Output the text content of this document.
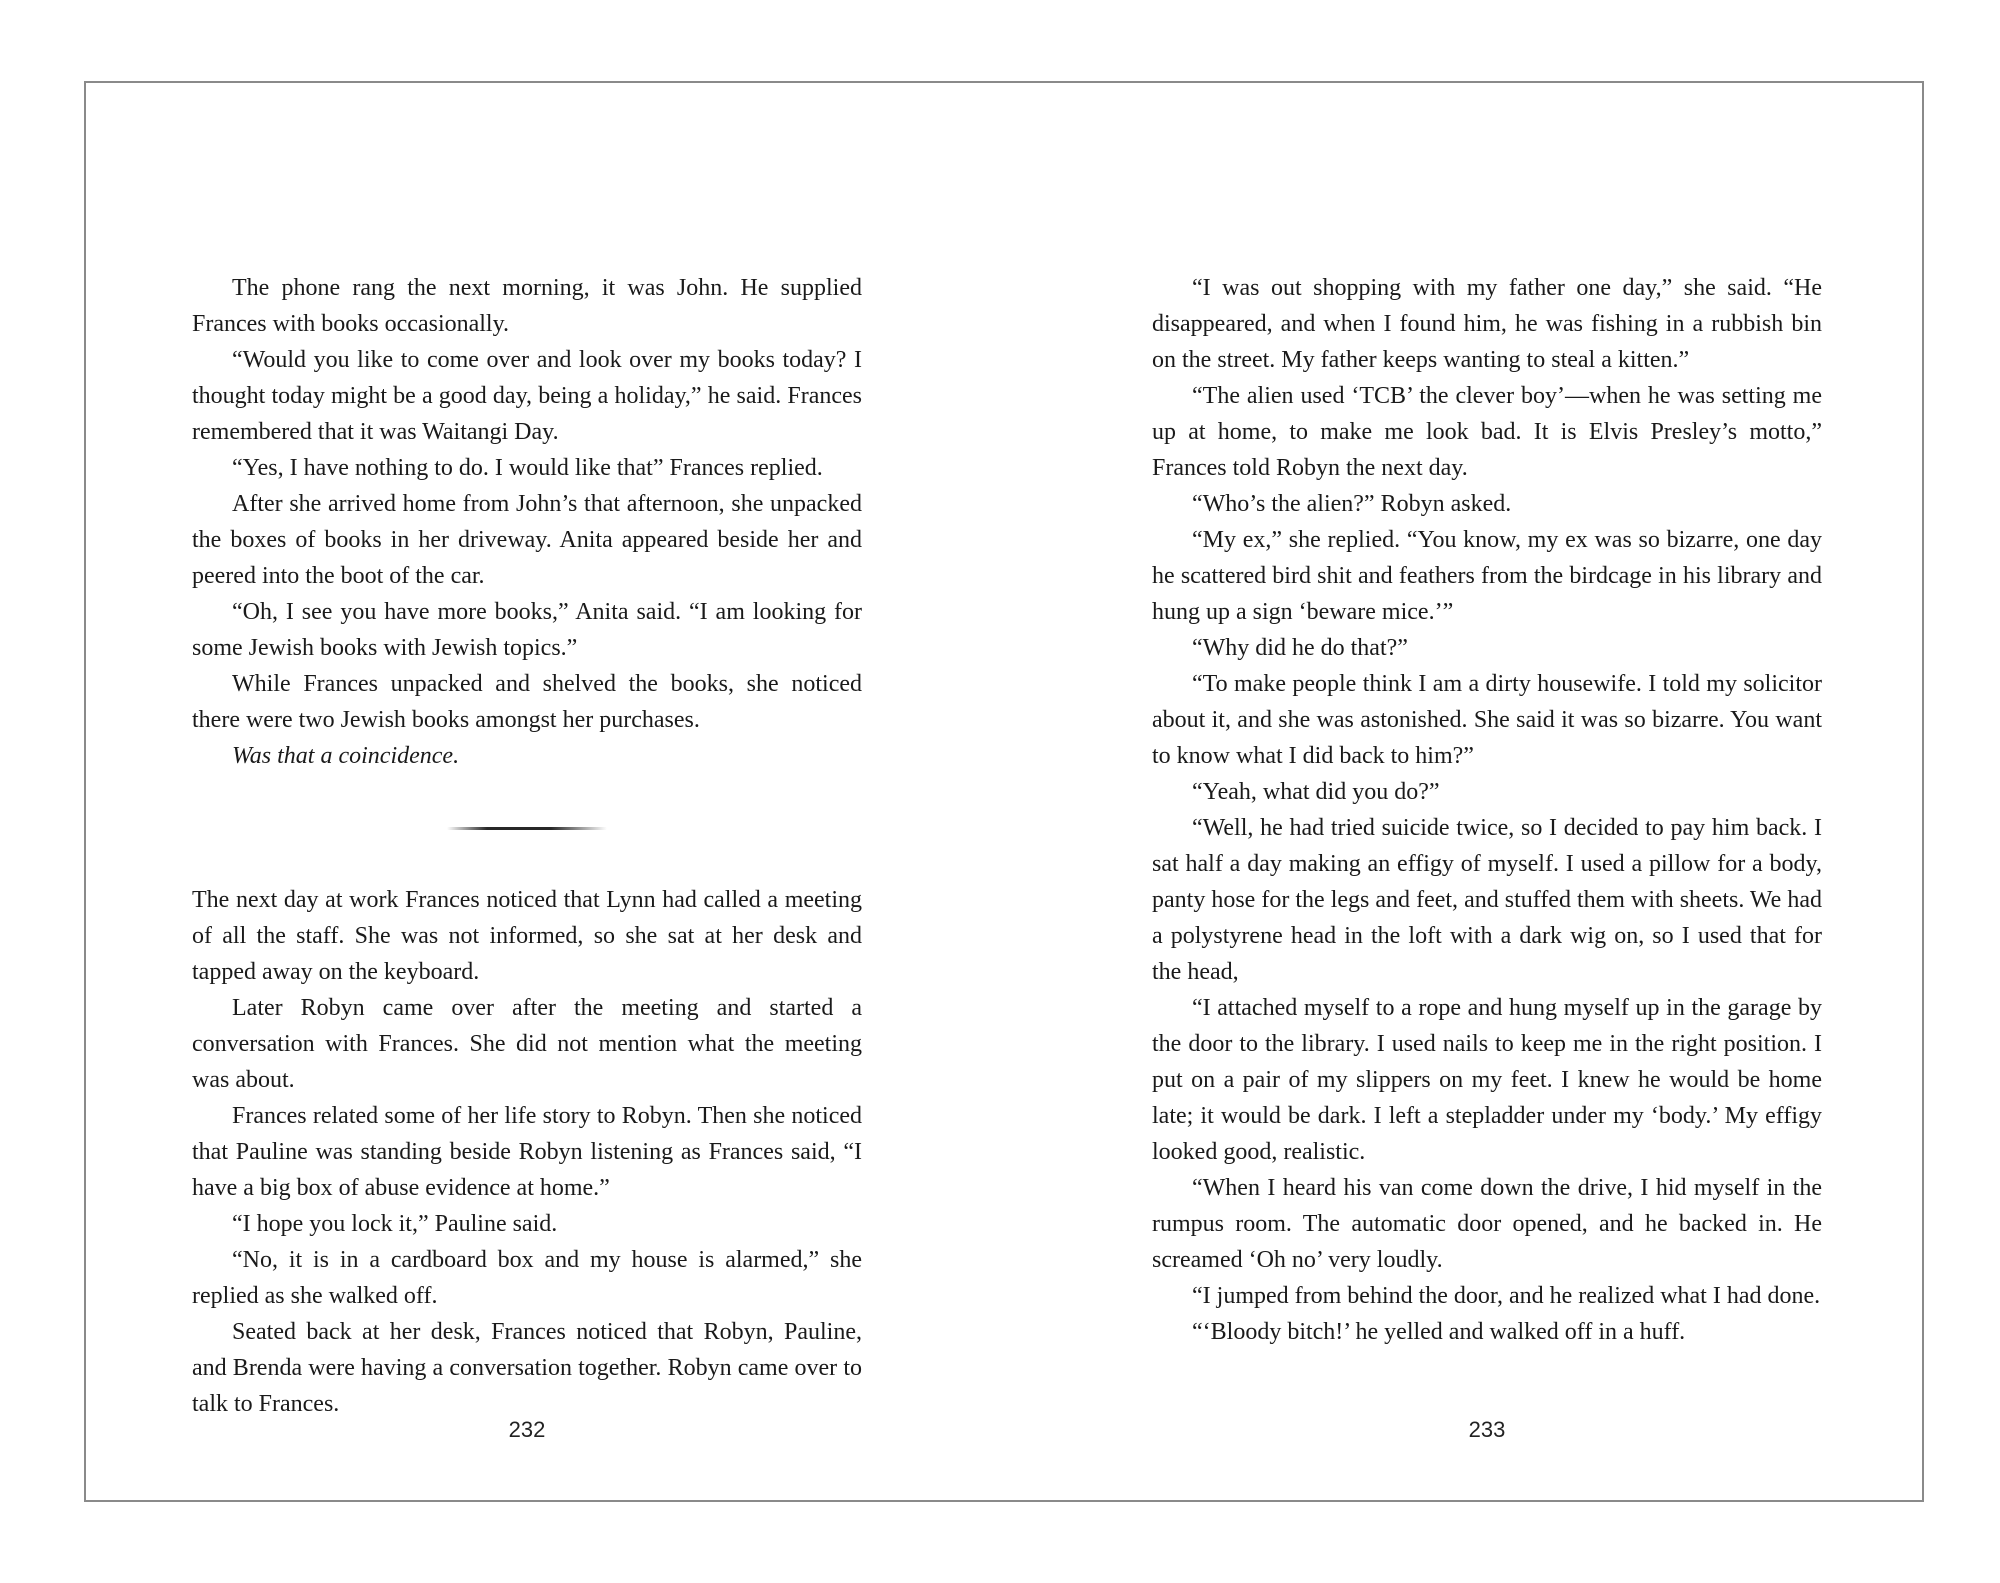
The phone rang the next morning, it was John. He supplied Frances with books occasionally.

“Would you like to come over and look over my books today? I thought today might be a good day, being a holiday,” he said. Frances remembered that it was Waitangi Day.

“Yes, I have nothing to do. I would like that” Frances replied.

After she arrived home from John’s that afternoon, she unpacked the boxes of books in her driveway. Anita appeared beside her and peered into the boot of the car.

“Oh, I see you have more books,” Anita said. “I am looking for some Jewish books with Jewish topics.”

While Frances unpacked and shelved the books, she noticed there were two Jewish books amongst her purchases.

Was that a coincidence.

The next day at work Frances noticed that Lynn had called a meeting of all the staff. She was not informed, so she sat at her desk and tapped away on the keyboard.

Later Robyn came over after the meeting and started a conversation with Frances. She did not mention what the meeting was about.

Frances related some of her life story to Robyn. Then she noticed that Pauline was standing beside Robyn listening as Frances said, “I have a big box of abuse evidence at home.”

“I hope you lock it,” Pauline said.

“No, it is in a cardboard box and my house is alarmed,” she replied as she walked off.

Seated back at her desk, Frances noticed that Robyn, Pauline, and Brenda were having a conversation together. Robyn came over to talk to Frances.

232

“I was out shopping with my father one day,” she said. “He disappeared, and when I found him, he was fishing in a rubbish bin on the street. My father keeps wanting to steal a kitten.”

“The alien used ‘TCB’ the clever boy’—when he was setting me up at home, to make me look bad. It is Elvis Presley’s motto,” Frances told Robyn the next day.

“Who’s the alien?” Robyn asked.

“My ex,” she replied. “You know, my ex was so bizarre, one day he scattered bird shit and feathers from the birdcage in his library and hung up a sign ‘beware mice.’”

“Why did he do that?”

“To make people think I am a dirty housewife. I told my solicitor about it, and she was astonished. She said it was so bizarre. You want to know what I did back to him?”

“Yeah, what did you do?”

“Well, he had tried suicide twice, so I decided to pay him back. I sat half a day making an effigy of myself. I used a pillow for a body, panty hose for the legs and feet, and stuffed them with sheets. We had a polystyrene head in the loft with a dark wig on, so I used that for the head,

“I attached myself to a rope and hung myself up in the garage by the door to the library. I used nails to keep me in the right position. I put on a pair of my slippers on my feet. I knew he would be home late; it would be dark. I left a stepladder under my ‘body.’ My effigy looked good, realistic.

“When I heard his van come down the drive, I hid myself in the rumpus room. The automatic door opened, and he backed in. He screamed ‘Oh no’ very loudly.

“I jumped from behind the door, and he realized what I had done.

“‘Bloody bitch!’ he yelled and walked off in a huff.

233
